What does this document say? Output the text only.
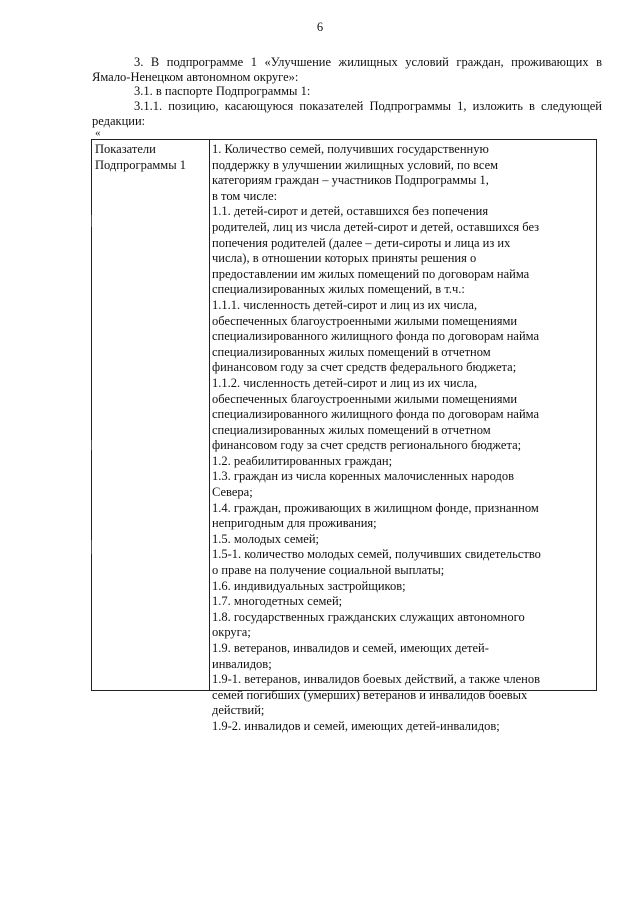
6
3. В подпрограмме 1 «Улучшение жилищных условий граждан, проживающих в Ямало-Ненецком автономном округе»:
3.1. в паспорте Подпрограммы 1:
3.1.1. позицию, касающуюся показателей Подпрограммы 1, изложить в следующей редакции:
«
Показатели
Подпрограммы 1
1. Количество семей, получивших государственную
поддержку в улучшении жилищных условий, по всем
категориям граждан – участников Подпрограммы 1,
в том числе:
1.1. детей-сирот и детей, оставшихся без попечения
родителей, лиц из числа детей-сирот и детей, оставшихся без
попечения родителей (далее – дети-сироты и лица из их
числа), в отношении которых приняты решения о
предоставлении им жилых помещений по договорам найма
специализированных жилых помещений, в т.ч.:
1.1.1. численность детей-сирот и лиц из их числа,
обеспеченных благоустроенными жилыми помещениями
специализированного жилищного фонда по договорам найма
специализированных жилых помещений в отчетном
финансовом году за счет средств федерального бюджета;
1.1.2. численность детей-сирот и лиц из их числа,
обеспеченных благоустроенными жилыми помещениями
специализированного жилищного фонда по договорам найма
специализированных жилых помещений в отчетном
финансовом году за счет средств регионального бюджета;
1.2. реабилитированных граждан;
1.3. граждан из числа коренных малочисленных народов
Севера;
1.4. граждан, проживающих в жилищном фонде, признанном
непригодным для проживания;
1.5. молодых семей;
1.5-1. количество молодых семей, получивших свидетельство
о праве на получение социальной выплаты;
1.6. индивидуальных застройщиков;
1.7. многодетных семей;
1.8. государственных гражданских служащих автономного
округа;
1.9. ветеранов, инвалидов и семей, имеющих детей-
инвалидов;
1.9-1. ветеранов, инвалидов боевых действий, а также членов
семей погибших (умерших) ветеранов и инвалидов боевых
действий;
1.9-2. инвалидов и семей, имеющих детей-инвалидов;
